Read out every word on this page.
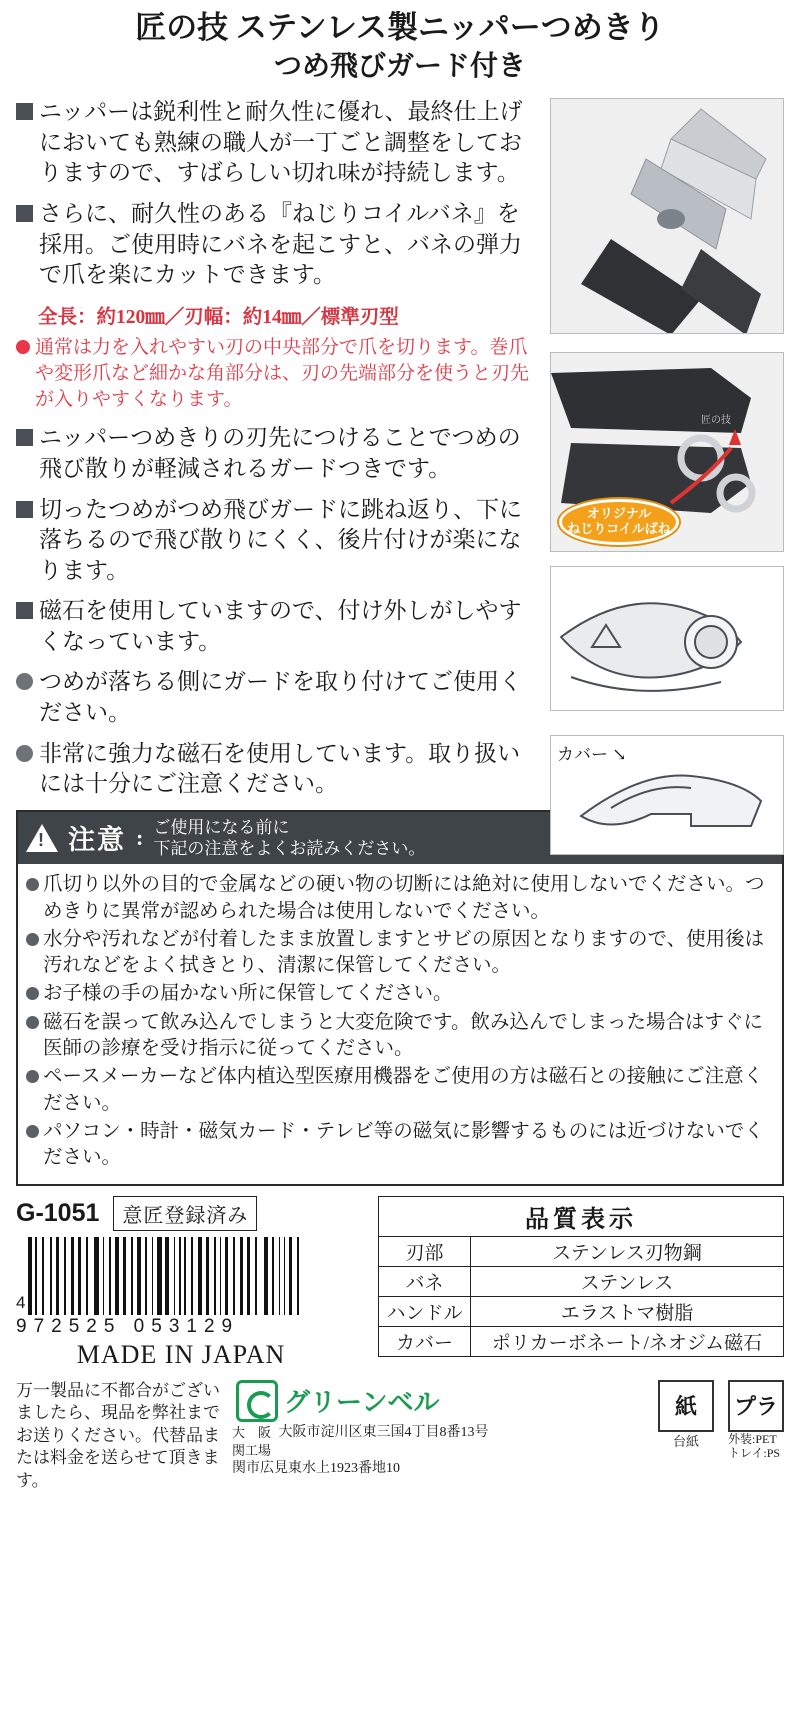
匠の技 ステンレス製ニッパーつめきり
つめ飛びガード付き
匠の技
オリジナル
ねじりコイルばね
カバー ↘
ニッパーは鋭利性と耐久性に優れ、最終仕上げにおいても熟練の職人が一丁ごと調整をしておりますので、すばらしい切れ味が持続します。
さらに、耐久性のある『ねじりコイルバネ』を採用。ご使用時にバネを起こすと、バネの弾力で爪を楽にカットできます。
全長：約120㎜／刃幅：約14㎜／標準刃型
通常は力を入れやすい刃の中央部分で爪を切ります。巻爪や変形爪など細かな角部分は、刃の先端部分を使うと刃先が入りやすくなります。
ニッパーつめきりの刃先につけることでつめの飛び散りが軽減されるガードつきです。
切ったつめがつめ飛びガードに跳ね返り、下に落ちるので飛び散りにくく、後片付けが楽になります。
磁石を使用していますので、付け外しがしやすくなっています。
つめが落ちる側にガードを取り付けてご使用ください。
非常に強力な磁石を使用しています。取り扱いには十分にご注意ください。
!
注意 : ご使用になる前に
下記の注意をよくお読みください。
爪切り以外の目的で金属などの硬い物の切断には絶対に使用しないでください。つめきりに異常が認められた場合は使用しないでください。
水分や汚れなどが付着したまま放置しますとサビの原因となりますので、使用後は汚れなどをよく拭きとり、清潔に保管してください。
お子様の手の届かない所に保管してください。
磁石を誤って飲み込んでしまうと大変危険です。飲み込んでしまった場合はすぐに医師の診療を受け指示に従ってください。
ペースメーカーなど体内植込型医療用機器をご使用の方は磁石との接触にご注意ください。
パソコン・時計・磁気カード・テレビ等の磁気に影響するものには近づけないでください。
G-1051	意匠登録済み
4
972525 053129
MADE IN JAPAN
品質表示
刃部	ステンレス刃物鋼
バネ	ステンレス
ハンドル	エラストマ樹脂
カバー	ポリカーボネート/ネオジム磁石
万一製品に不都合がございましたら、現品を弊社までお送りください。代替品または料金を送らせて頂きます。
グリーンベル
大　阪
関工場 大阪市淀川区東三国4丁目8番13号
関市広見東水上1923番地10
紙
台紙
プラ
外装:PET
トレイ:PS
